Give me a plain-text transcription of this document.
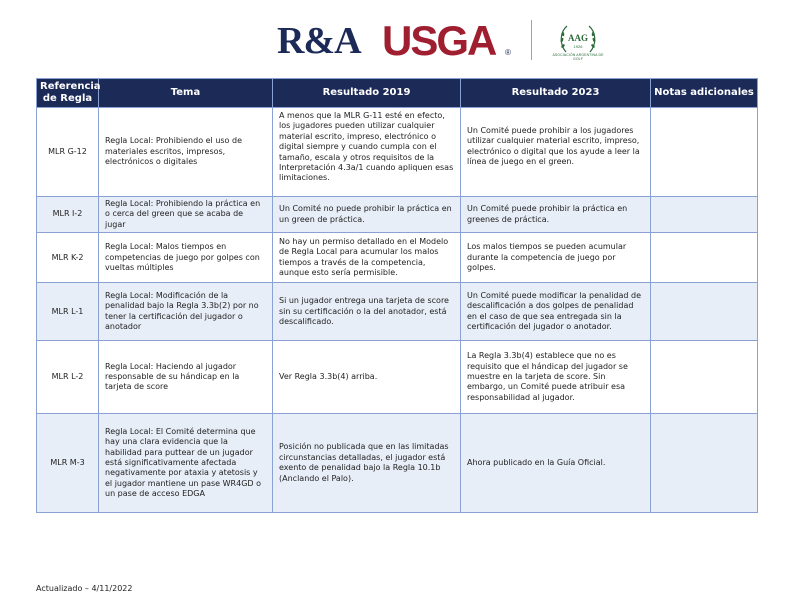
R&A USGA ®
AAG
1926
ASOCIACIÓN ARGENTINA DE GOLF
Referencia de Regla	Tema	Resultado 2019	Resultado 2023	Notas adicionales
MLR G-12	Regla Local: Prohibiendo el uso de materiales escritos, impresos, electrónicos o digitales	A menos que la MLR G-11 esté en efecto, los jugadores pueden utilizar cualquier material escrito, impreso, electrónico o digital siempre y cuando cumpla con el tamaño, escala y otros requisitos de la Interpretación 4.3a/1 cuando apliquen esas limitaciones.	Un Comité puede prohibir a los jugadores utilizar cualquier material escrito, impreso, electrónico o digital que los ayude a leer la línea de juego en el green.	
MLR I-2	Regla Local: Prohibiendo la práctica en o cerca del green que se acaba de jugar	Un Comité no puede prohibir la práctica en un green de práctica.	Un Comité puede prohibir la práctica en greenes de práctica.	
MLR K-2	Regla Local: Malos tiempos en competencias de juego por golpes con vueltas múltiples	No hay un permiso detallado en el Modelo de Regla Local para acumular los malos tiempos a través de la competencia, aunque esto sería permisible.	Los malos tiempos se pueden acumular durante la competencia de juego por golpes.	
MLR L-1	Regla Local: Modificación de la penalidad bajo la Regla 3.3b(2) por no tener la certificación del jugador o anotador	Si un jugador entrega una tarjeta de score sin su certificación o la del anotador, está descalificado.	Un Comité puede modificar la penalidad de descalificación a dos golpes de penalidad en el caso de que sea entregada sin la certificación del jugador o anotador.	
MLR L-2	Regla Local: Haciendo al jugador responsable de su hándicap en la tarjeta de score	Ver Regla 3.3b(4) arriba.	La Regla 3.3b(4) establece que no es requisito que el hándicap del jugador se muestre en la tarjeta de score. Sin embargo, un Comité puede atribuir esa responsabilidad al jugador.	
MLR M-3	Regla Local: El Comité determina que hay una clara evidencia que la habilidad para puttear de un jugador está significativamente afectada negativamente por ataxia y atetosis y el jugador mantiene un pase WR4GD o un pase de acceso EDGA	Posición no publicada que en las limitadas circunstancias detalladas, el jugador está exento de penalidad bajo la Regla 10.1b (Anclando el Palo).	Ahora publicado en la Guía Oficial.	
Actualizado – 4/11/2022
